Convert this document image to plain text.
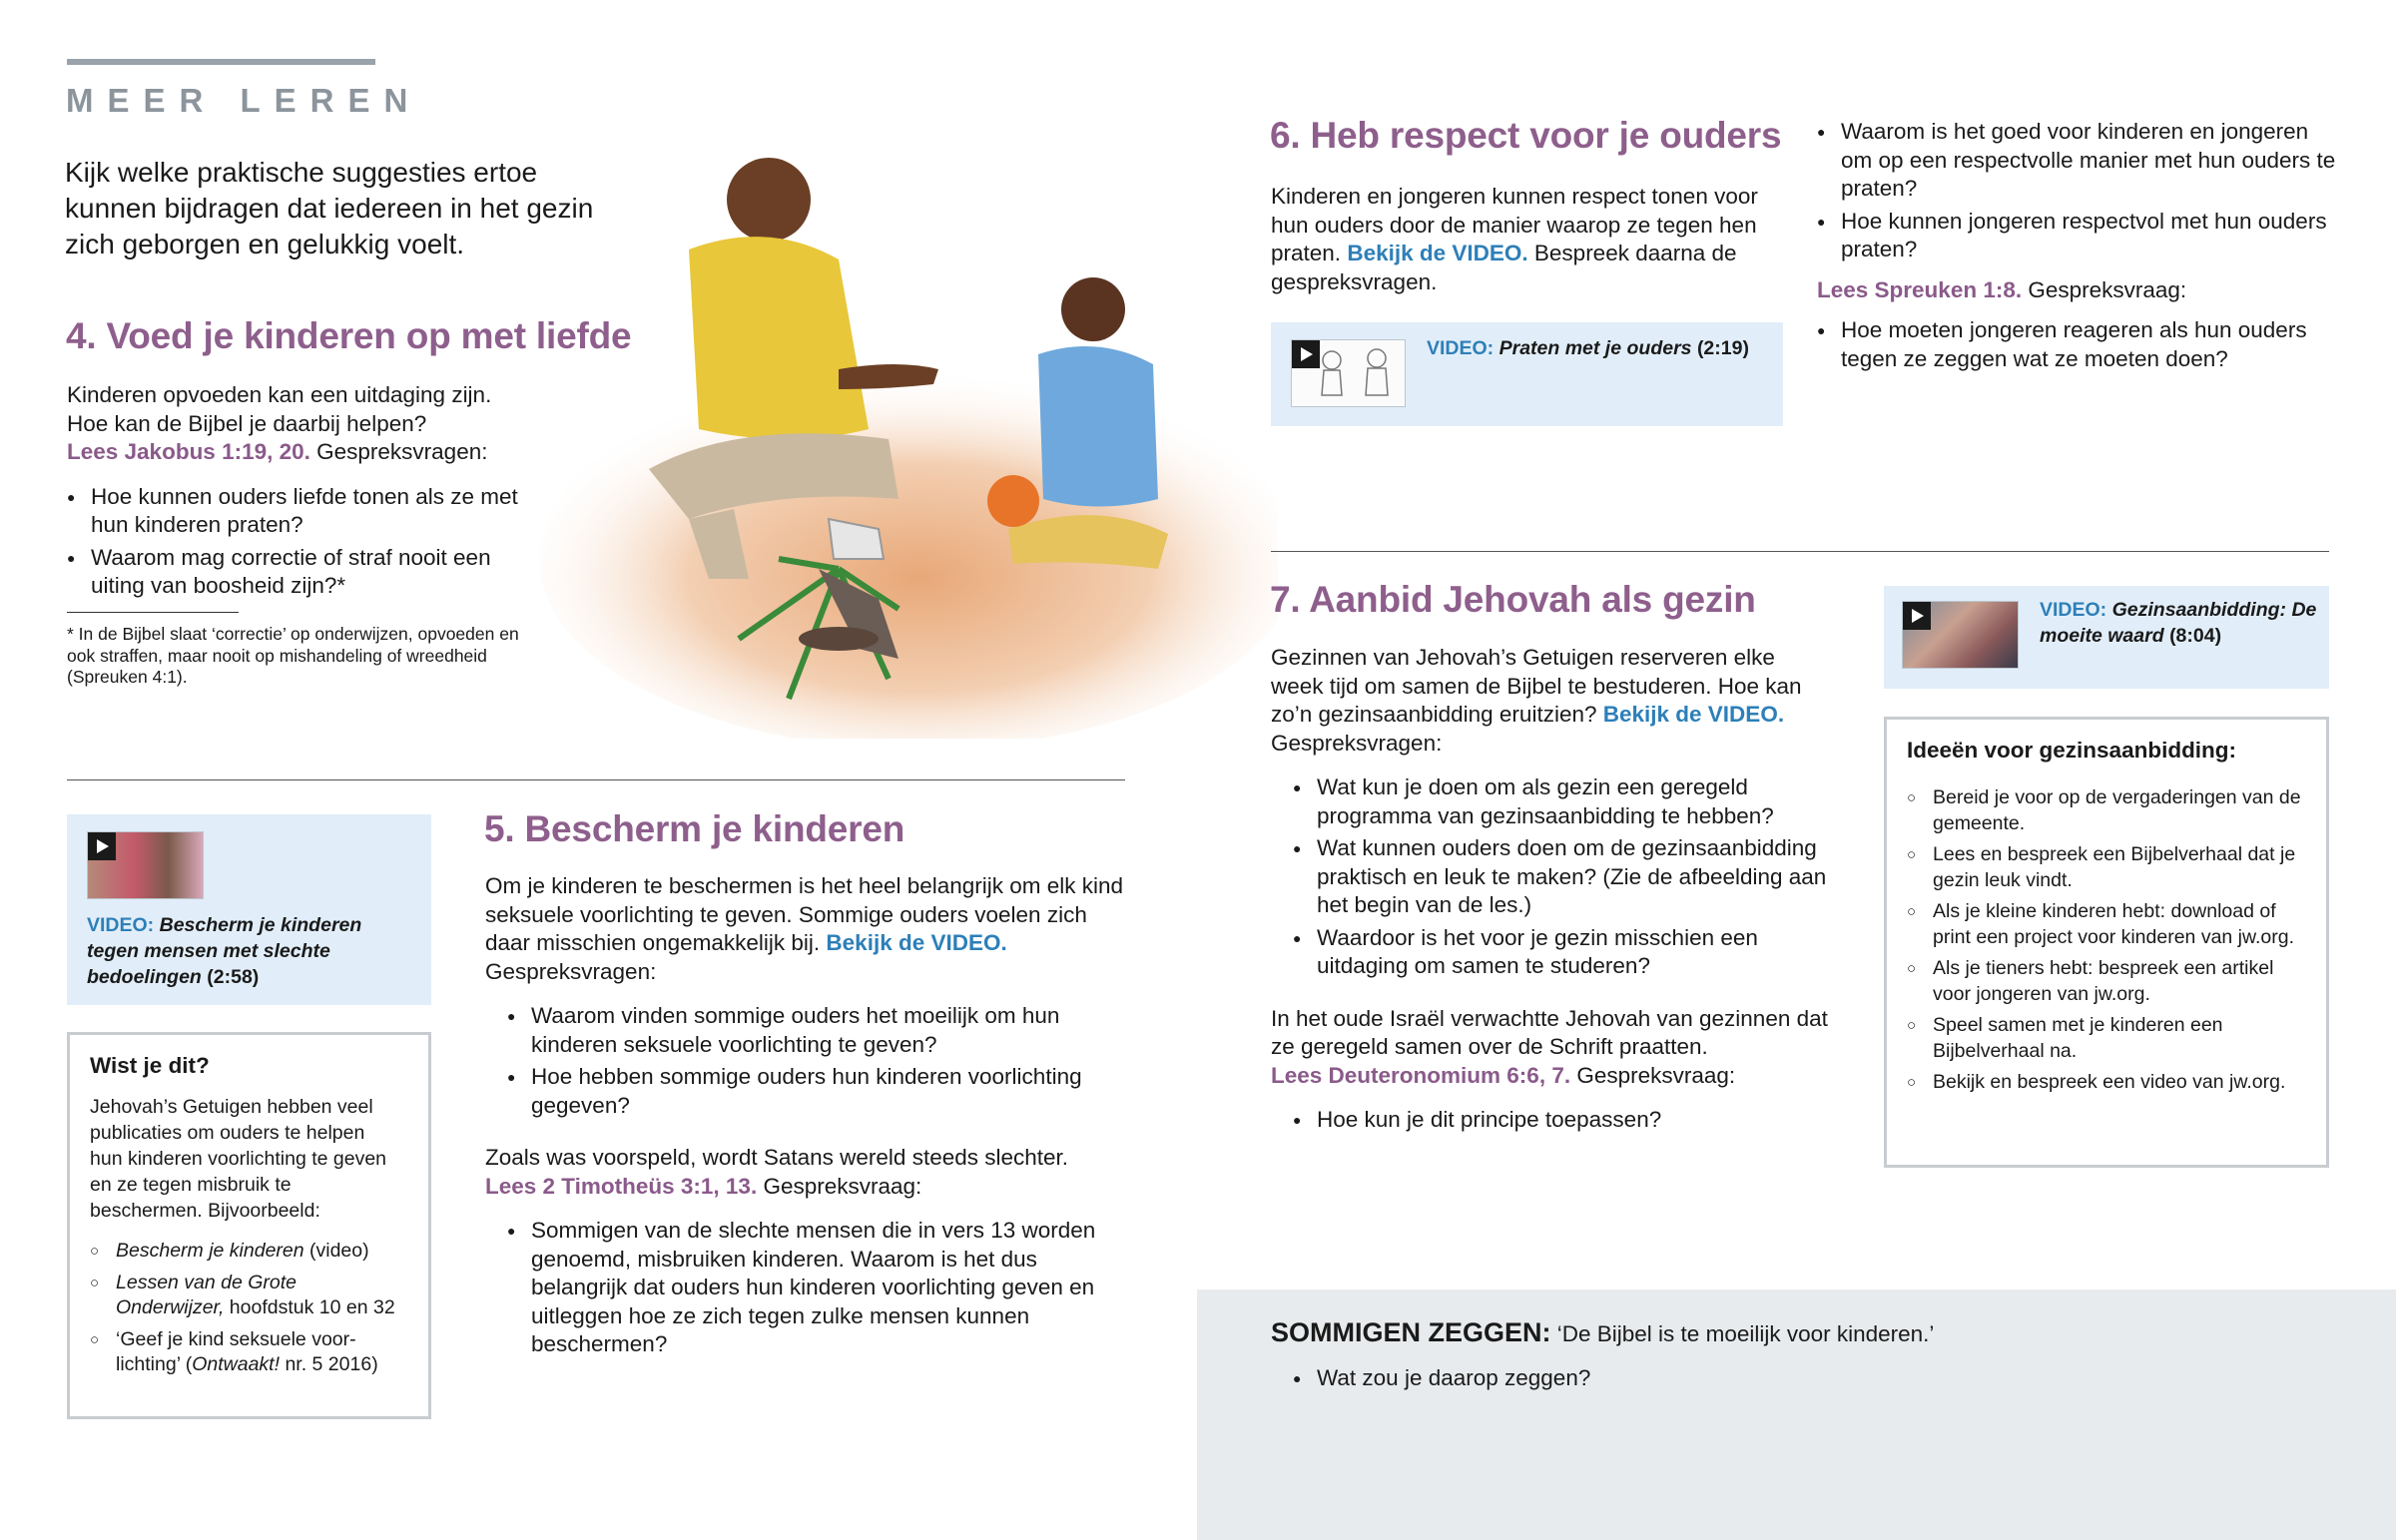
MEER LEREN
Kijk welke praktische suggesties ertoe kunnen bijdragen dat iedereen in het gezin zich geborgen en gelukkig voelt.
4. Voed je kinderen op met liefde

Kinderen opvoeden kan een uitdaging zijn. Hoe kan de Bijbel je daarbij helpen?
Lees Jakobus 1:19, 20. Gespreksvragen:

● Hoe kunnen ouders liefde tonen als ze met hun kinderen praten?
● Waarom mag correctie of straf nooit een uiting van boosheid zijn?*
* In de Bijbel slaat ‘correctie’ op onderwijzen, opvoeden en ook straffen, maar nooit op mishandeling of wreedheid (Spreuken 4:1).
VIDEO: Bescherm je kinderen tegen mensen met slechte bedoelingen (2:58)
Wist je dit?
Jehovah’s Getuigen hebben veel publicaties om ouders te helpen hun kinderen voorlichting te geven en ze tegen misbruik te beschermen. Bijvoorbeeld:
○ Bescherm je kinderen (video)
○ Lessen van de Grote Onderwijzer, hoofdstuk 10 en 32
○ ‘Geef je kind seksuele voorlichting’ (Ontwaakt! nr. 5 2016)
5. Bescherm je kinderen

Om je kinderen te beschermen is het heel belangrijk om elk kind seksuele voorlichting te geven. Sommige ouders voelen zich daar misschien ongemakkelijk bij. Bekijk de VIDEO.
Gespreksvragen:

● Waarom vinden sommige ouders het moeilijk om hun kinderen seksuele voorlichting te geven?
● Hoe hebben sommige ouders hun kinderen voorlichting gegeven?

Zoals was voorspeld, wordt Satans wereld steeds slechter.
Lees 2 Timotheüs 3:1, 13. Gespreksvraag:

● Sommigen van de slechte mensen die in vers 13 worden genoemd, misbruiken kinderen. Waarom is het dus belangrijk dat ouders hun kinderen voorlichting geven en uitleggen hoe ze zich tegen zulke mensen kunnen beschermen?
6. Heb respect voor je ouders

Kinderen en jongeren kunnen respect tonen voor hun ouders door de manier waarop ze tegen hen praten. Bekijk de VIDEO. Bespreek daarna de gespreksvragen.

VIDEO: Praten met je ouders (2:19)
● Waarom is het goed voor kinderen en jongeren om op een respectvolle manier met hun ouders te praten?
● Hoe kunnen jongeren respectvol met hun ouders praten?

Lees Spreuken 1:8. Gespreksvraag:

● Hoe moeten jongeren reageren als hun ouders tegen ze zeggen wat ze moeten doen?
7. Aanbid Jehovah als gezin

Gezinnen van Jehovah’s Getuigen reserveren elke week tijd om samen de Bijbel te bestuderen. Hoe kan zo’n gezinsaanbidding eruitzien? Bekijk de VIDEO.
Gespreksvragen:

● Wat kun je doen om als gezin een geregeld programma van gezinsaanbidding te hebben?
● Wat kunnen ouders doen om de gezinsaanbidding praktisch en leuk te maken? (Zie de afbeelding aan het begin van de les.)
● Waardoor is het voor je gezin misschien een uitdaging om samen te studeren?

In het oude Israël verwachtte Jehovah van gezinnen dat ze geregeld samen over de Schrift praatten.
Lees Deuteronomium 6:6, 7. Gespreksvraag:

● Hoe kun je dit principe toepassen?
VIDEO: Gezinsaanbidding: De moeite waard (8:04)
Ideeën voor gezinsaanbidding:
○ Bereid je voor op de vergaderingen van de gemeente.
○ Lees en bespreek een Bijbelverhaal dat je gezin leuk vindt.
○ Als je kleine kinderen hebt: download of print een project voor kinderen van jw.org.
○ Als je tieners hebt: bespreek een artikel voor jongeren van jw.org.
○ Speel samen met je kinderen een Bijbelverhaal na.
○ Bekijk en bespreek een video van jw.org.
SOMMIGEN ZEGGEN: ‘De Bijbel is te moeilijk voor kinderen.’
● Wat zou je daarop zeggen?
